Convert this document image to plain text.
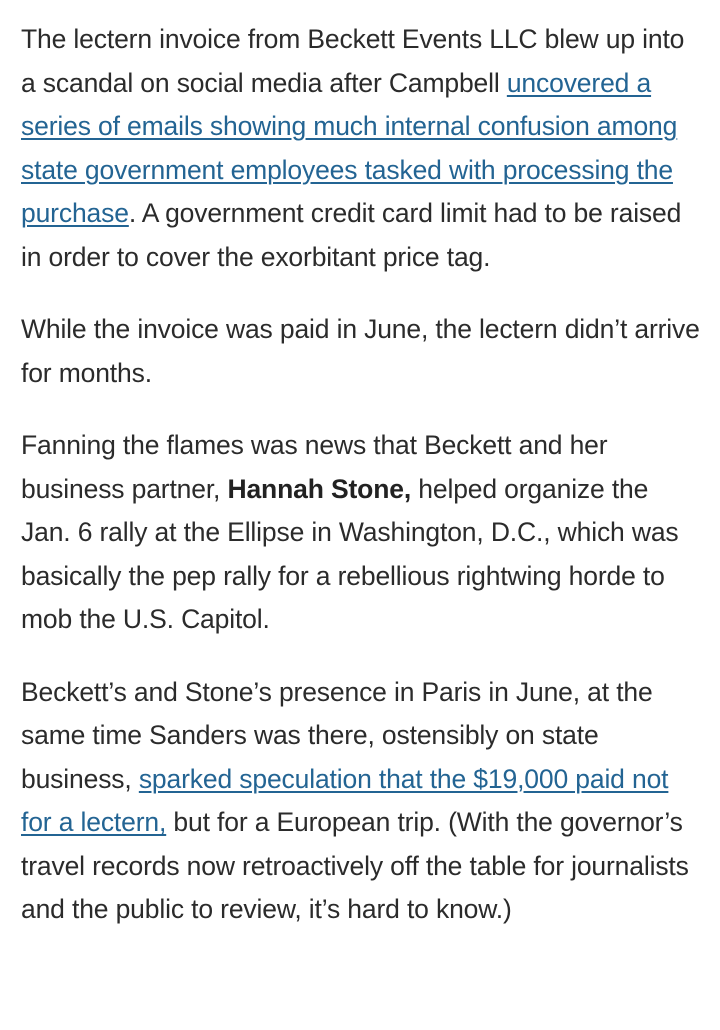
The lectern invoice from Beckett Events LLC blew up into a scandal on social media after Campbell uncovered a series of emails showing much internal confusion among state government employees tasked with processing the purchase. A government credit card limit had to be raised in order to cover the exorbitant price tag.

While the invoice was paid in June, the lectern didn’t arrive for months.

Fanning the flames was news that Beckett and her business partner, Hannah Stone, helped organize the Jan. 6 rally at the Ellipse in Washington, D.C., which was basically the pep rally for a rebellious rightwing horde to mob the U.S. Capitol.

Beckett’s and Stone’s presence in Paris in June, at the same time Sanders was there, ostensibly on state business, sparked speculation that the $19,000 paid not for a lectern, but for a European trip. (With the governor’s travel records now retroactively off the table for journalists and the public to review, it’s hard to know.)
